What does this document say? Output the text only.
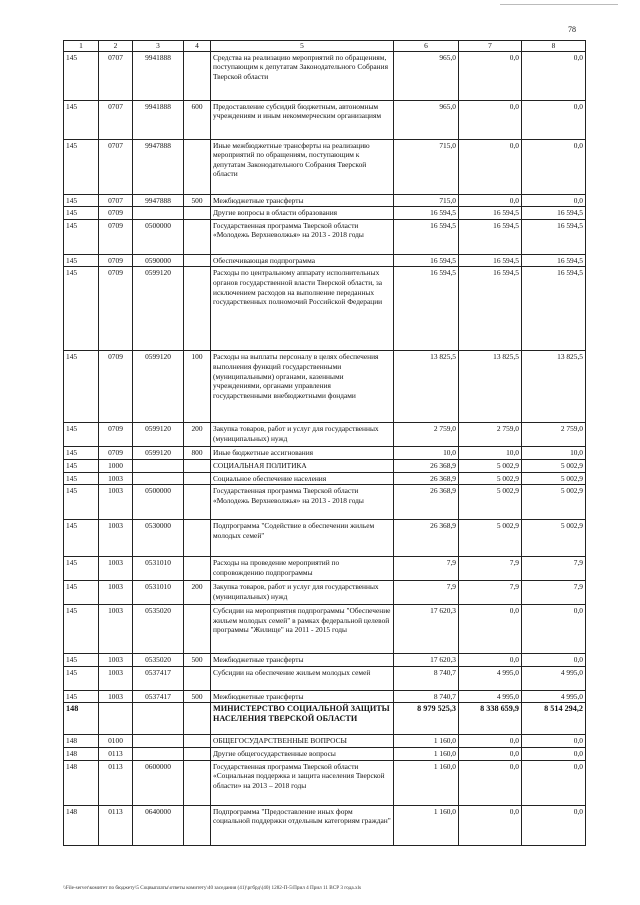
78
1	2	3	4	5	6	7	8
145	0707	9941888		Средства на реализацию мероприятий по обращениям, поступающим к депутатам Законодательного Собрания Тверской области	965,0	0,0	0,0
145	0707	9941888	600	Предоставление субсидий бюджетным, автономным учреждениям и иным некоммерческим организациям	965,0	0,0	0,0
145	0707	9947888		Иные межбюджетные трансферты на реализацию мероприятий по обращениям, поступающим к депутатам Законодательного Собрания Тверской области	715,0	0,0	0,0
145	0707	9947888	500	Межбюджетные трансферты	715,0	0,0	0,0
145	0709			Другие вопросы в области образования	16 594,5	16 594,5	16 594,5
145	0709	0500000		Государственная программа Тверской области «Молодежь Верхневолжья» на 2013 - 2018 годы	16 594,5	16 594,5	16 594,5
145	0709	0590000		Обеспечивающая подпрограмма	16 594,5	16 594,5	16 594,5
145	0709	0599120		Расходы по центральному аппарату исполнительных органов государственной власти Тверской области, за исключением расходов на выполнение переданных государственных полномочий Российской Федерации	16 594,5	16 594,5	16 594,5
145	0709	0599120	100	Расходы на выплаты персоналу в целях обеспечения выполнения функций государственными (муниципальными) органами, казенными учреждениями, органами управления государственными внебюджетными фондами	13 825,5	13 825,5	13 825,5
145	0709	0599120	200	Закупка товаров, работ и услуг для государственных (муниципальных) нужд	2 759,0	2 759,0	2 759,0
145	0709	0599120	800	Иные бюджетные ассигнования	10,0	10,0	10,0
145	1000			СОЦИАЛЬНАЯ ПОЛИТИКА	26 368,9	5 002,9	5 002,9
145	1003			Социальное обеспечение населения	26 368,9	5 002,9	5 002,9
145	1003	0500000		Государственная программа Тверской области «Молодежь Верхневолжья» на 2013 - 2018 годы	26 368,9	5 002,9	5 002,9
145	1003	0530000		Подпрограмма "Содействие в обеспечении жильем молодых семей"	26 368,9	5 002,9	5 002,9
145	1003	0531010		Расходы на проведение мероприятий по сопровождению подпрограммы	7,9	7,9	7,9
145	1003	0531010	200	Закупка товаров, работ и услуг для государственных (муниципальных) нужд	7,9	7,9	7,9
145	1003	0535020		Субсидии на мероприятия подпрограммы "Обеспечение жильем молодых семей" в рамках федеральной целевой программы "Жилище" на 2011 - 2015 годы	17 620,3	0,0	0,0
145	1003	0535020	500	Межбюджетные трансферты	17 620,3	0,0	0,0
145	1003	0537417		Субсидии на обеспечение жильем молодых семей	8 740,7	4 995,0	4 995,0
145	1003	0537417	500	Межбюджетные трансферты	8 740,7	4 995,0	4 995,0
148				МИНИСТЕРСТВО СОЦИАЛЬНОЙ ЗАЩИТЫ НАСЕЛЕНИЯ ТВЕРСКОЙ ОБЛАСТИ	8 979 525,3	8 338 659,9	8 514 294,2
148	0100			ОБЩЕГОСУДАРСТВЕННЫЕ ВОПРОСЫ	1 160,0	0,0	0,0
148	0113			Другие общегосударственные вопросы	1 160,0	0,0	0,0
148	0113	0600000		Государственная программа Тверской области «Социальная поддержка и защита населения Тверской области» на 2013 – 2018 годы	1 160,0	0,0	0,0
148	0113	0640000		Подпрограмма "Предоставление иных форм социальной поддержки отдельным категориям граждан"	1 160,0	0,0	0,0
\\File-server\комитет по бюджету\5 Соцвыплаты\ответы комитету\40 заседания (41)\ргбрд\(40) 1282-П-5\Прил 4 Прил 11 ВСР 3 года.xls
